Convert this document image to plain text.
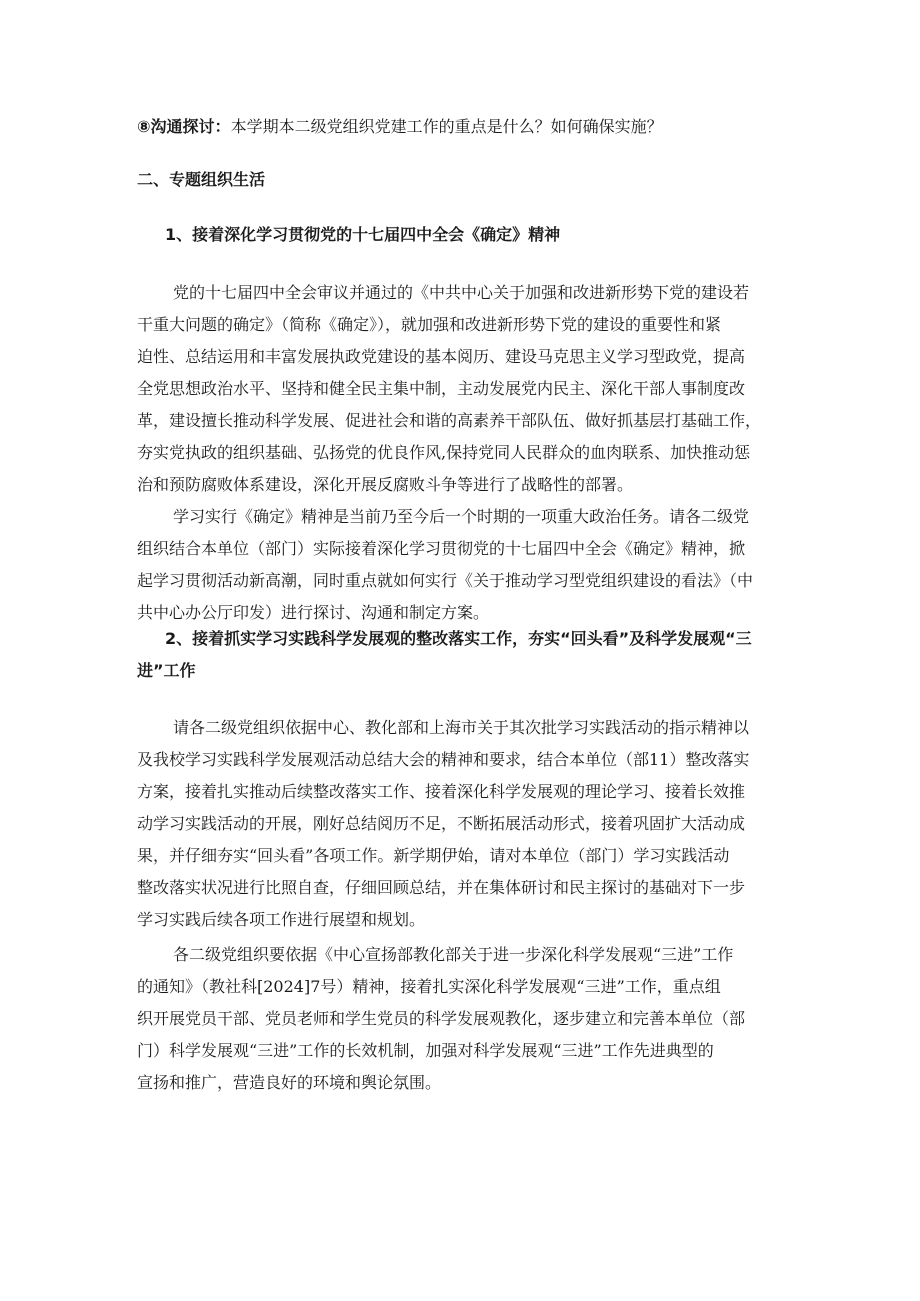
⑧沟通探讨：本学期本二级党组织党建工作的重点是什么？如何确保实施？
二、专题组织生活
1、接着深化学习贯彻党的十七届四中全会《确定》精神
党的十七届四中全会审议并通过的《中共中心关于加强和改进新形势下党的建设若
干重大问题的确定》（简称《确定》），就加强和改进新形势下党的建设的重要性和紧
迫性、总结运用和丰富发展执政党建设的基本阅历、建设马克思主义学习型政党，提高
全党思想政治水平、坚持和健全民主集中制，主动发展党内民主、深化干部人事制度改
革，建设擅长推动科学发展、促进社会和谐的高素养干部队伍、做好抓基层打基础工作，
夯实党执政的组织基础、弘扬党的优良作风,保持党同人民群众的血肉联系、加快推动惩
治和预防腐败体系建设，深化开展反腐败斗争等进行了战略性的部署。
学习实行《确定》精神是当前乃至今后一个时期的一项重大政治任务。请各二级党
组织结合本单位（部门）实际接着深化学习贯彻党的十七届四中全会《确定》精神，掀
起学习贯彻活动新高潮，同时重点就如何实行《关于推动学习型党组织建设的看法》（中
共中心办公厅印发）进行探讨、沟通和制定方案。
2、接着抓实学习实践科学发展观的整改落实工作，夯实“回头看”及科学发展观“三
进”工作
请各二级党组织依据中心、教化部和上海市关于其次批学习实践活动的指示精神以
及我校学习实践科学发展观活动总结大会的精神和要求，结合本单位（部11）整改落实
方案，接着扎实推动后续整改落实工作、接着深化科学发展观的理论学习、接着长效推
动学习实践活动的开展，刚好总结阅历不足，不断拓展活动形式，接着巩固扩大活动成
果，并仔细夯实“回头看”各项工作。新学期伊始，请对本单位（部门）学习实践活动
整改落实状况进行比照自查，仔细回顾总结，并在集体研讨和民主探讨的基础对下一步
学习实践后续各项工作进行展望和规划。
各二级党组织要依据《中心宣扬部教化部关于进一步深化科学发展观“三进”工作
的通知》（教社科[2024]7号）精神，接着扎实深化科学发展观“三进”工作，重点组
织开展党员干部、党员老师和学生党员的科学发展观教化，逐步建立和完善本单位（部
门）科学发展观“三进”工作的长效机制，加强对科学发展观“三进”工作先进典型的
宣扬和推广，营造良好的环境和舆论氛围。
